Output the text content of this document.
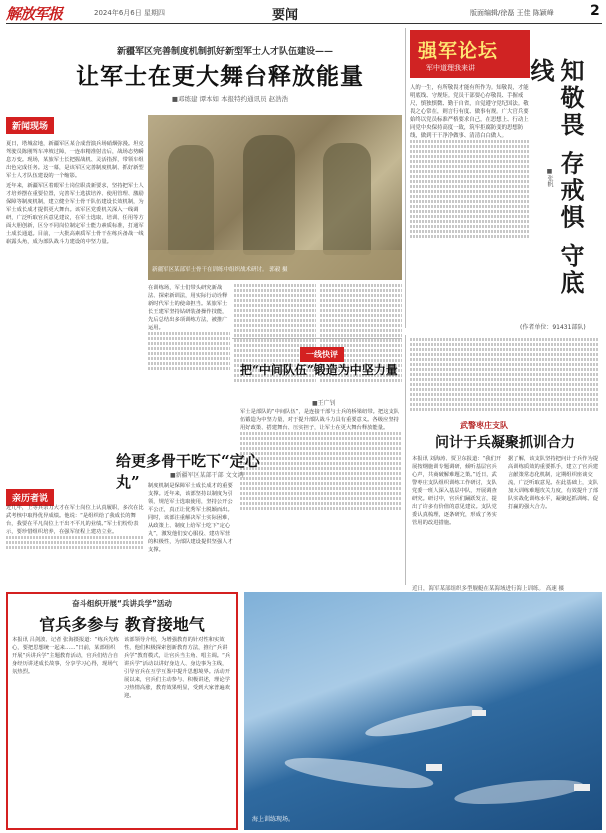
解放军报	2024年6月6日 星期四	要闻	版面编辑/徐磊 王佳 陈颖峰	2
新疆军区完善制度机制抓好新型军士人才队伍建设——
让军士在更大舞台释放能量
■邓练建 谭本如 本报特约通讯员 赵浩浩
新闻现场
夏日，塔城盆地，新疆军区某合成营演兵场硝烟弥漫。坦克驾驶员陈刚驾车冲坡过障，一连串精准射击后，战场态势瞬息万变。现场，某旅军士长把握战机、灵活指挥，带领车组出色完成任务。这一幕，是该军区完善制度机制、抓好新型军士人才队伍建设的一个缩影。
近年来，新疆军区着眼军士岗位职责新要求，坚持把军士人才培养摆在重要位置，完善军士选拔培养、使用管理、激励保障等制度机制，建立健全军士骨干队伍建设长效机制，为军士成长成才提供更大舞台。该军区党委机关深入一线调研，广泛听取官兵意见建议，在军士选取、培训、任用等方面大胆创新，区分不同岗位制定军士能力素质标准，打通军士成长通道。目前，一大批高素质军士骨干在练兵备战一线崭露头角，成为部队战斗力建设的中坚力量。
在训练场，军士们带头研究新战法、探索新训法，用实际行动诠释新时代军士的使命担当。某旅军士长王建军坚持钻研装备操作技能，先后总结出多项训练方法，被推广运用。
强军论坛
军中道理我来讲
人的一生，有所敬畏才能有所作为。知敬畏，才能明底线、守规矩。党员干部要心存敬畏、手握戒尺，慎独慎微、勤于自省，自觉遵守党纪国法。敬畏之心常在，则言行有度、做事有规。广大官兵要始终以党员标准严格要求自己，在思想上、行动上同党中央保持高度一致，筑牢拒腐防变的思想防线，做到干干净净做事、清清白白做人。
(作者单位：91431部队)
知敬畏 存戒惧 守底线
■张帆
一线快评
把“中间队伍”锻造为中坚力量
■王广钊
军士是部队的“中间队伍”，是连接干部与士兵的桥梁纽带。把这支队伍锻造为中坚力量，对于提升部队战斗力具有重要意义。各级应坚持用好政策、搭建舞台、压实担子，让军士在更大舞台释放能量。
亲历者说
近几年，上等兵余力大才在军士岗位上认真履职，多次在比武考核中取得优异成绩。他说：“是组织给了我成长的舞台，我要在平凡岗位上干出不平凡的业绩。”军士们纷纷表示，要珍惜组织培养，在强军征程上建功立业。
给更多骨干吃下“定心丸”	■新疆军区某部干部 文文鸿
制度机制是保障军士成长成才的重要支撑。近年来，该部坚持以制度为引领，规范军士选取使用，坚持公开公平公正，真正让优秀军士脱颖而出。同时，该部注重解决军士实际困难，从政策上、制度上给军士吃下“定心丸”，激发他们安心服役、建功军营的积极性，为部队建设提供坚强人才支撑。
武警枣庄支队
问计于兵凝聚抓训合力
本报讯 刘海涛、贾卫东报道：“我们开展按纲施训专题调研，倾听基层官兵心声，共商破解难题之策。”近日，武警枣庄支队组织训练工作研讨，支队党委一班人深入基层中队，开展调查研究。研讨中，官兵们踊跃发言，提出了许多有价值的意见建议。支队党委认真梳理，逐条研究，形成了务实管用的改进措施。
据了解，该支队坚持把问计于兵作为提高训练质效的重要抓手，建立了官兵建言献策常态化机制，定期组织座谈交流，广泛听取意见。在此基础上，支队加大训练难题攻关力度，有效提升了部队实战化训练水平，凝聚起抓训练、促打赢的强大合力。
奋斗组织开展“兵讲兵学”活动
官兵多参与 教育接地气
本报讯 吕剑波、记者 张海摄报道：“练兵先练心，要把思想统一起来……”日前，某部组织开展“兵讲兵学”主题教育活动，官兵们结合自身经历讲述成长故事，分享学习心得，现场气氛热烈。
该部领导介绍，为增强教育的针对性和实效性，他们积极探索创新教育方法，推行“兵讲兵学”教育模式，让官兵当主角、唱主调。“兵讲兵学”活动以讲好身边人、身边事为主线，引导官兵在互学互鉴中提升思想境界。活动开展以来，官兵们主动参与、积极讲述，理论学习热情高涨，教育效果明显，受到大家普遍欢迎。
海上训练现场。
新疆军区某部军士骨干在训练中组织战术研讨。 郭毅 摄
近日，海军某部组织多型舰艇在某海域进行海上训练。 高速 摄
